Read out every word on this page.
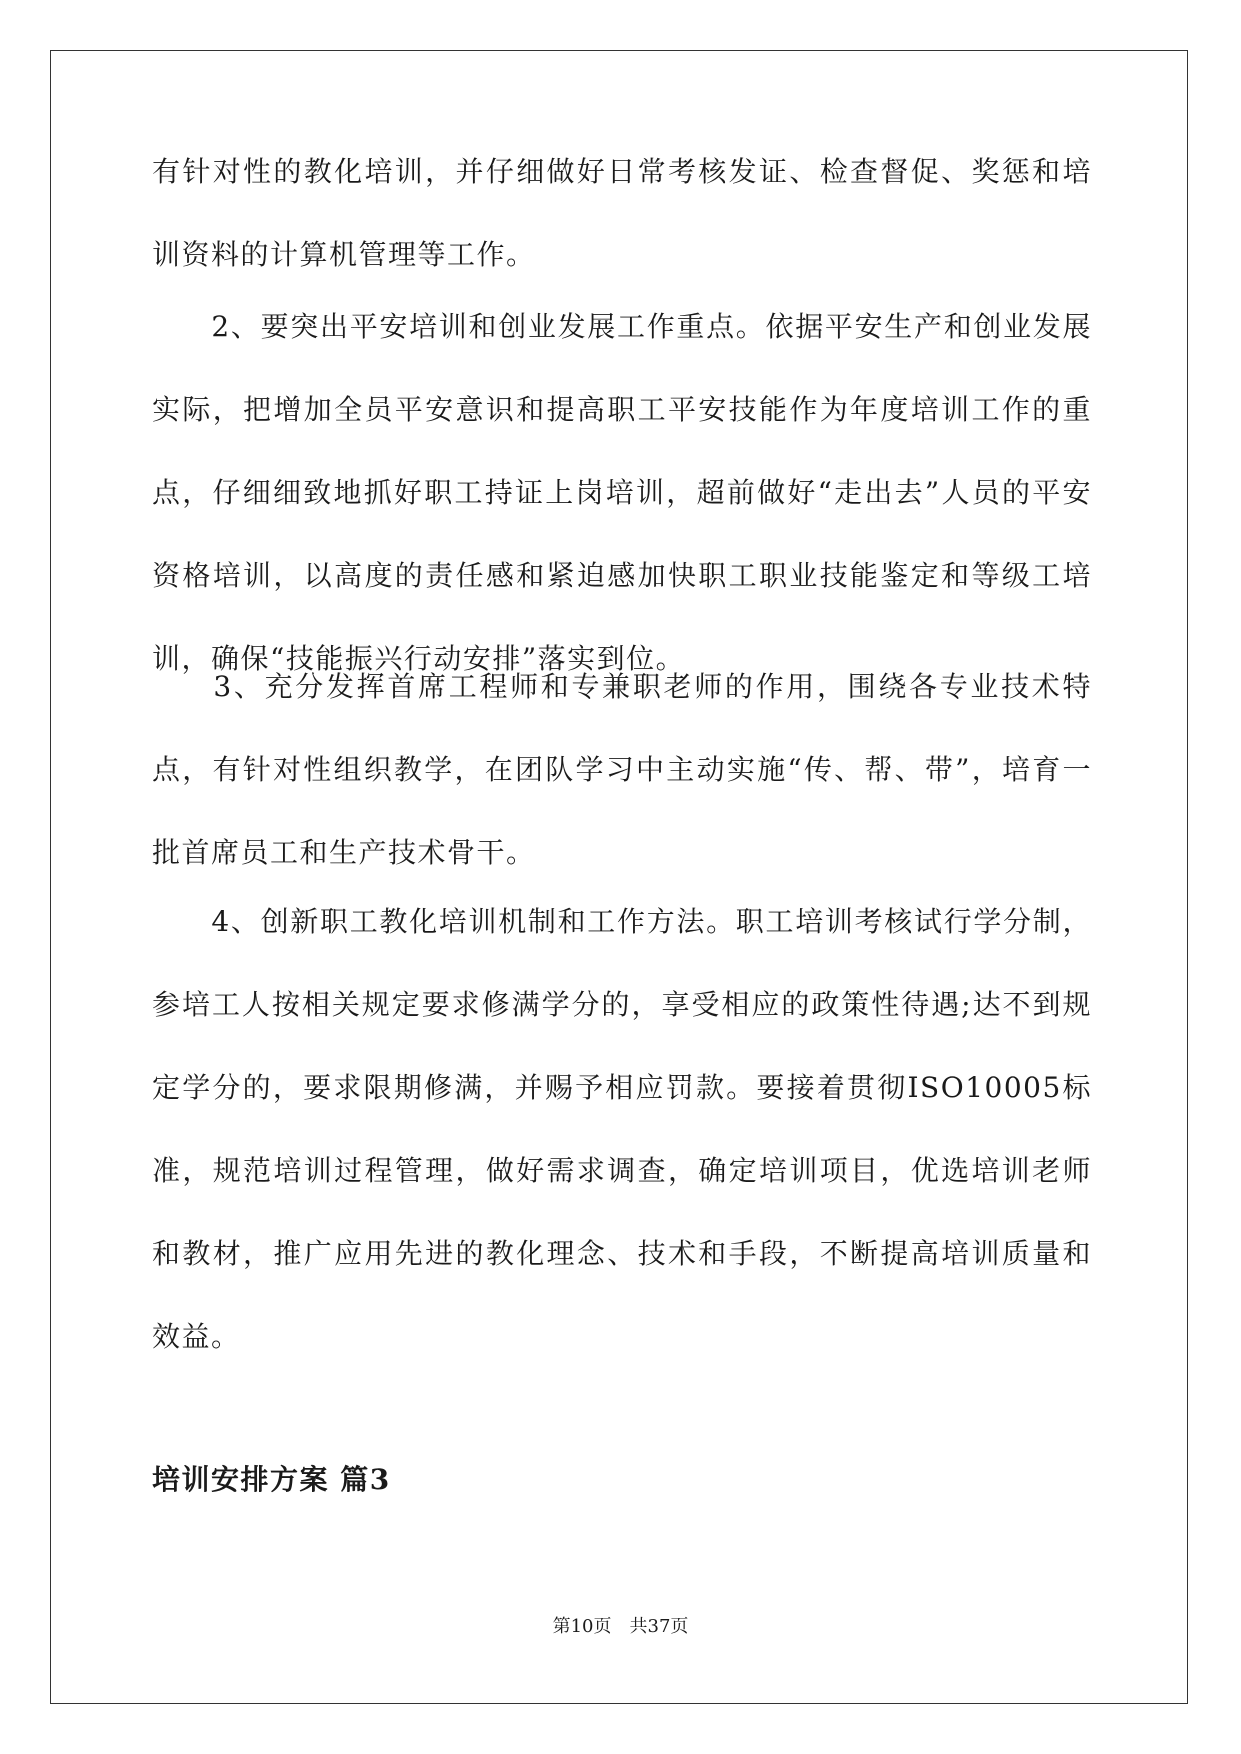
有针对性的教化培训，并仔细做好日常考核发证、检查督促、奖惩和培训资料的计算机管理等工作。

　　2、要突出平安培训和创业发展工作重点。依据平安生产和创业发展实际，把增加全员平安意识和提高职工平安技能作为年度培训工作的重点，仔细细致地抓好职工持证上岗培训，超前做好“走出去”人员的平安资格培训，以高度的责任感和紧迫感加快职工职业技能鉴定和等级工培训，确保“技能振兴行动安排”落实到位。

　　3、充分发挥首席工程师和专兼职老师的作用，围绕各专业技术特点，有针对性组织教学，在团队学习中主动实施“传、帮、带”，培育一批首席员工和生产技术骨干。

　　4、创新职工教化培训机制和工作方法。职工培训考核试行学分制，参培工人按相关规定要求修满学分的，享受相应的政策性待遇;达不到规定学分的，要求限期修满，并赐予相应罚款。要接着贯彻ISO10005标准，规范培训过程管理，做好需求调查，确定培训项目，优选培训老师和教材，推广应用先进的教化理念、技术和手段，不断提高培训质量和效益。

培训安排方案 篇3
第10页　共37页
